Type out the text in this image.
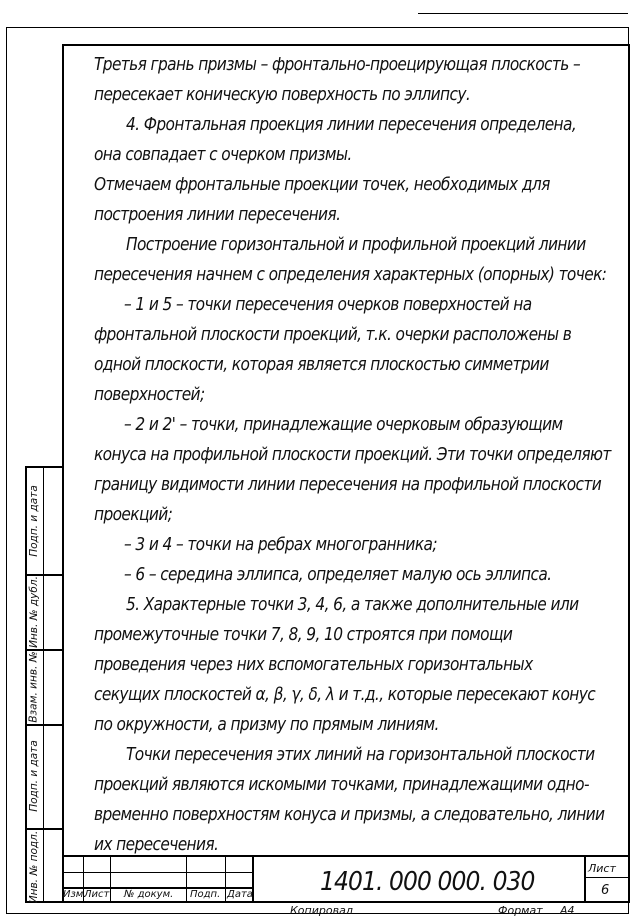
Третья грань призмы – фронтально-проецирующая плоскость –
пересекает коническую поверхность по эллипсу.
4. Фронтальная проекция линии пересечения определена,
она совпадает с очерком призмы.
Отмечаем фронтальные проекции точек, необходимых для
построения линии пересечения.
Построение горизонтальной и профильной проекций линии
пересечения начнем с определения характерных (опорных) точек:
– 1 и 5 – точки пересечения очерков поверхностей на
фронтальной плоскости проекций, т.к. очерки расположены в
одной плоскости, которая является плоскостью симметрии
поверхностей;
– 2 и 2' – точки, принадлежащие очерковым образующим
конуса на профильной плоскости проекций. Эти точки определяют
границу видимости линии пересечения на профильной плоскости
проекций;
– 3 и 4 – точки на ребрах многогранника;
– 6 – середина эллипса, определяет малую ось эллипса.
5. Характерные точки 3, 4, 6, а также дополнительные или
промежуточные точки 7, 8, 9, 10 строятся при помощи
проведения через них вспомогательных горизонтальных
секущих плоскостей α, β, γ, δ, λ и т.д., которые пересекают конус
по окружности, а призму по прямым линиям.
Точки пересечения этих линий на горизонтальной плоскости
проекций являются искомыми точками, принадлежащими одно-
временно поверхностям конуса и призмы, а следовательно, линии
их пересечения.
Подп. и дата
Инв. № дубл.
Взам. инв. №
Подп. и дата
Инв. № подл. Изм.
Лист № докум. Подп. Дата	1401. 000 000. 030	Лист
6
Копировал	Формат А4
